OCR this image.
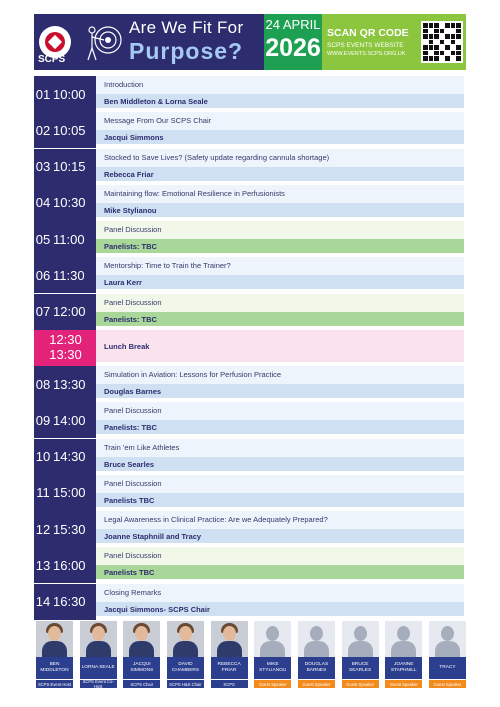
SCPS
Are We Fit For
Purpose?
24 APRIL
2026
SCAN QR CODE
SCPS EVENTS WEBSITE
WWW.EVENTS.SCPS.ORG.UK
01 10:00
Introduction
Ben Middleton & Lorna Seale
02 10:05
Message From Our SCPS Chair
Jacqui Simmons
03 10:15
Stocked to Save Lives? (Safety update regarding cannula shortage)
Rebecca Friar
04 10:30
Maintaining flow: Emotional Resilience in Perfusionists
Mike Stylianou
05 11:00
Panel Discussion
Panelists: TBC
06 11:30
Mentorship: Time to Train the Trainer?
Laura Kerr
07 12:00
Panel Discussion
Panelists: TBC
12:30
13:30
Lunch Break
08 13:30
Simulation in Aviation: Lessons for Perfusion Practice
Douglas Barnes
09 14:00
Panel Discussion
Panelists: TBC
10 14:30
Train 'em Like Athletes
Bruce Searles
11 15:00
Panel Discussion
Panelists TBC
12 15:30
Legal Awareness in Clinical Practice: Are we Adequately Prepared?
Joanne Staphnill and Tracy
13 16:00
Panel Discussion
Panelists TBC
14 16:30
Closing Remarks
Jacqui Simmons- SCPS Chair
BEN MIDDLETON
SCPS Event Host
LORNA SEALE
SCPS Event Co-Host
JACQUI SIMMONS
SCPS Chair
DAVID CHAMBERS
SCPS H&S Chair
REBECCA FRIAR
SCPS
MIKE STYLIANOU
Guest Speaker
DOUGLAS BARNES
Guest Speaker
BRUCE SEARLES
Guest Speaker
JOANNE STAPHNILL
Guest Speaker
TRACY
Guest Speaker
